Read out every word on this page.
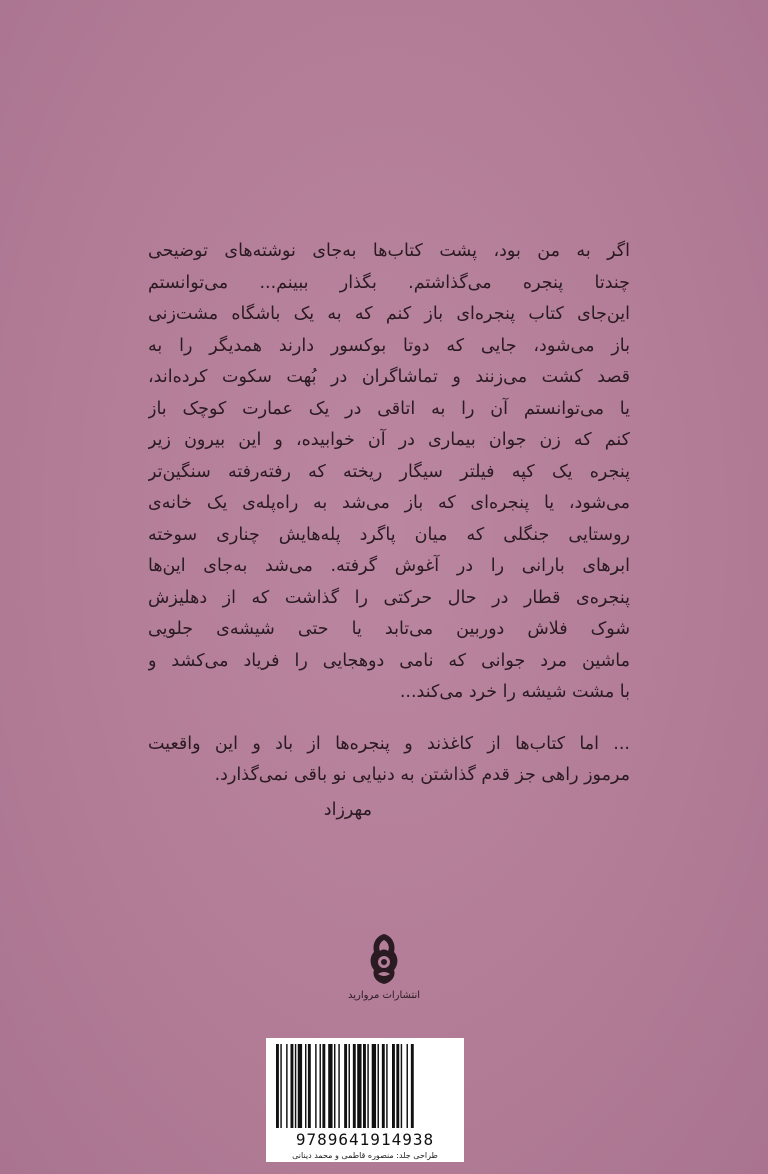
اگر به من بود، پشت کتاب‌ها به‌جای نوشته‌های توضیحی
چندتا پنجره می‌گذاشتم. بگذار ببینم... می‌توانستم
این‌جای کتاب پنجره‌ای باز کنم که به یک باشگاه مشت‌زنی
باز می‌شود، جایی که دوتا بوکسور دارند همدیگر را به
قصد کشت می‌زنند و تماشاگران در بُهت سکوت کرده‌اند،
یا می‌توانستم آن را به اتاقی در یک عمارت کوچک باز
کنم که زن جوان بیماری در آن خوابیده، و این بیرون زیر
پنجره یک کپه فیلتر سیگار ریخته که رفته‌رفته سنگین‌تر
می‌شود، یا پنجره‌ای که باز می‌شد به راه‌پله‌ی یک خانه‌ی
روستایی جنگلی که میان پاگرد پله‌هایش چناری سوخته
ابرهای بارانی را در آغوش گرفته. می‌شد به‌جای این‌ها
پنجره‌ی قطار در حال حرکتی را گذاشت که از دهلیزش
شوک فلاش دوربین می‌تابد یا حتی شیشه‌ی جلویی
ماشین مرد جوانی که نامی دوهجایی را فریاد می‌کشد و
با مشت شیشه را خرد می‌کند...
... اما کتاب‌ها از کاغذند و پنجره‌ها از باد و این واقعیت
مرموز راهی جز قدم گذاشتن به دنیایی نو باقی نمی‌گذارد.
مهرزاد
انتشارات مروارید
9789641914938
طراحی جلد: منصوره قاطمی و محمد دینانی
